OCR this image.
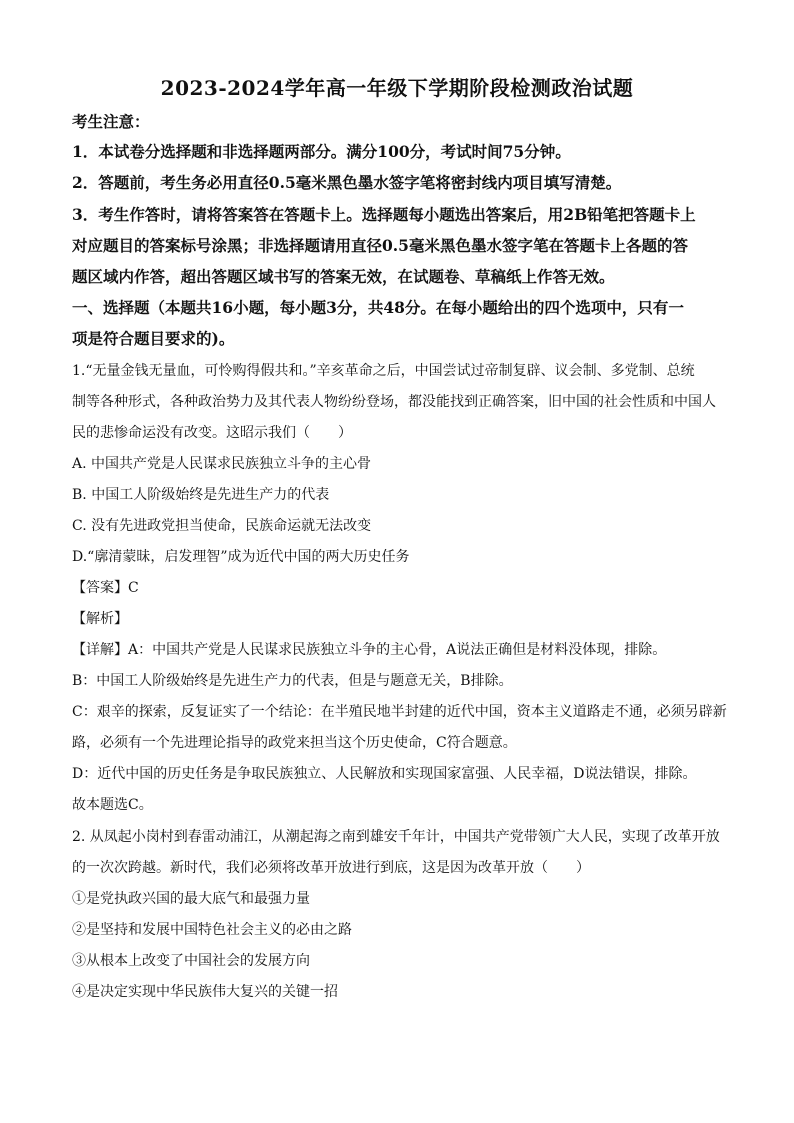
2023-2024学年高一年级下学期阶段检测政治试题
考生注意：
1．本试卷分选择题和非选择题两部分。满分100分，考试时间75分钟。
2．答题前，考生务必用直径0.5毫米黑色墨水签字笔将密封线内项目填写清楚。
3．考生作答时，请将答案答在答题卡上。选择题每小题选出答案后，用2B铅笔把答题卡上
对应题目的答案标号涂黑；非选择题请用直径0.5毫米黑色墨水签字笔在答题卡上各题的答
题区域内作答，超出答题区域书写的答案无效，在试题卷、草稿纸上作答无效。
一、选择题（本题共16小题，每小题3分，共48分。在每小题给出的四个选项中，只有一
项是符合题目要求的)。
1.“无量金钱无量血，可怜购得假共和。”辛亥革命之后，中国尝试过帝制复辟、议会制、多党制、总统
制等各种形式，各种政治势力及其代表人物纷纷登场，都没能找到正确答案，旧中国的社会性质和中国人
民的悲惨命运没有改变。这昭示我们（　　）
A. 中国共产党是人民谋求民族独立斗争的主心骨
B. 中国工人阶级始终是先进生产力的代表
C. 没有先进政党担当使命，民族命运就无法改变
D.“廓清蒙昧，启发理智”成为近代中国的两大历史任务
【答案】C
【解析】
【详解】A：中国共产党是人民谋求民族独立斗争的主心骨，A说法正确但是材料没体现，排除。
B：中国工人阶级始终是先进生产力的代表，但是与题意无关，B排除。
C：艰辛的探索，反复证实了一个结论：在半殖民地半封建的近代中国，资本主义道路走不通，必须另辟新
路，必须有一个先进理论指导的政党来担当这个历史使命，C符合题意。
D：近代中国的历史任务是争取民族独立、人民解放和实现国家富强、人民幸福，D说法错误，排除。
故本题选C。
2. 从凤起小岗村到春雷动浦江，从潮起海之南到雄安千年计，中国共产党带领广大人民，实现了改革开放
的一次次跨越。新时代，我们必须将改革开放进行到底，这是因为改革开放（　　）
①是党执政兴国的最大底气和最强力量
②是坚持和发展中国特色社会主义的必由之路
③从根本上改变了中国社会的发展方向
④是决定实现中华民族伟大复兴的关键一招
